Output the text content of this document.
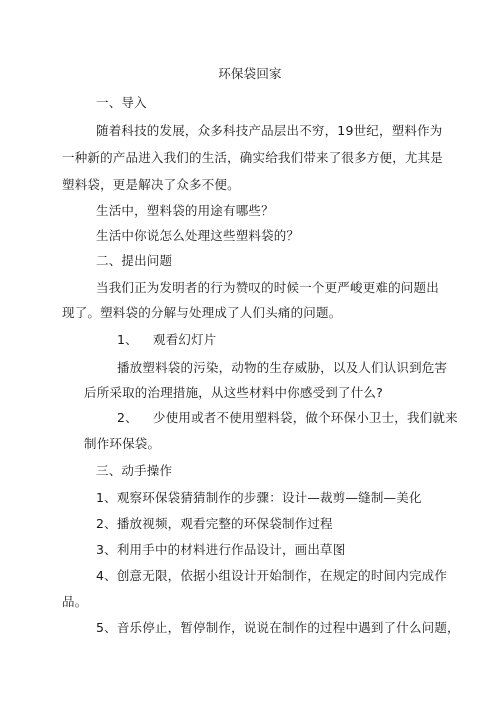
环保袋回家
一、导入
随着科技的发展，众多科技产品层出不穷，19世纪，塑料作为
一种新的产品进入我们的生活，确实给我们带来了很多方便，尤其是
塑料袋，更是解决了众多不便。
生活中，塑料袋的用途有哪些？
生活中你说怎么处理这些塑料袋的？
二、提出问题
当我们正为发明者的行为赞叹的时候一个更严峻更难的问题出
现了。塑料袋的分解与处理成了人们头痛的问题。
1、 观看幻灯片
播放塑料袋的污染，动物的生存威胁，以及人们认识到危害
后所采取的治理措施，从这些材料中你感受到了什么?
2、 少使用或者不使用塑料袋，做个环保小卫士，我们就来
制作环保袋。
三、动手操作
1、观察环保袋猜猜制作的步骤：设计—裁剪—缝制—美化
2、播放视频，观看完整的环保袋制作过程
3、利用手中的材料进行作品设计，画出草图
4、创意无限，依据小组设计开始制作，在规定的时间内完成作
品。
5、音乐停止，暂停制作，说说在制作的过程中遇到了什么问题，
